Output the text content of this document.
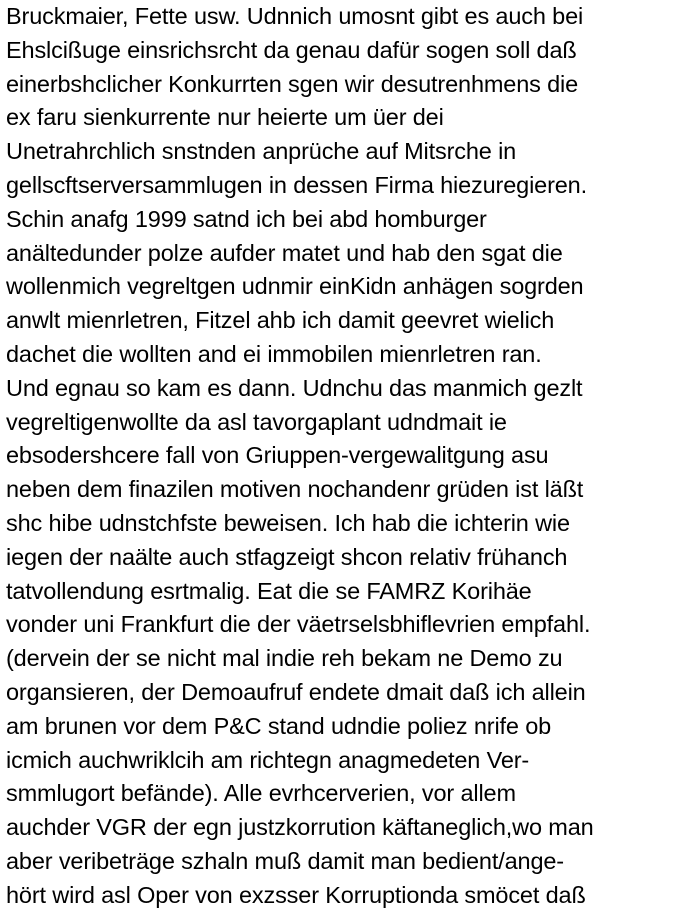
Bruckmaier, Fette usw. Udnnich umosnt gibt es auch bei
Ehslcißuge einsrichsrcht da genau dafür sogen soll daß
einerbshclicher Konkurrten sgen wir desutrenhmens die
ex faru sienkurrente nur heierte um üer dei
Unetrahrchlich snstnden anprüche auf Mitsrche in
gellscftserversammlugen in dessen Firma hiezuregieren.
Schin anafg 1999 satnd ich bei abd homburger
anältedunder polze aufder matet und hab den sgat die
wollenmich vegreltgen udnmir einKidn anhägen sogrden
anwlt mienrletren, Fitzel ahb ich damit geevret wielich
dachet die wollten and ei immobilen mienrletren ran.
Und egnau so kam es dann. Udnchu das manmich gezlt
vegreltigenwollte da asl tavorgaplant udndmait ie
ebsodershcere fall von Griuppen-vergewalitgung asu
neben dem finazilen motiven nochandenr grüden ist läßt
shc hibe udnstchfste beweisen. Ich hab die ichterin wie
iegen der naälte auch stfagzeigt shcon relativ frühanch
tatvollendung esrtmalig. Eat die se FAMRZ Korihäe
vonder uni Frankfurt die der väetrselsbhiflevrien empfahl.
(dervein der se nicht mal indie reh bekam ne Demo zu
organsieren, der Demoaufruf endete dmait daß ich allein
am brunen vor dem P&C stand udndie poliez nrife ob
icmich auchwriklcih am richtegn anagmedeten Ver-
smmlugort befände). Alle evrhcerverien, vor allem
auchder VGR der egn justzkorrution käftaneglich,wo man
aber veribeträge szhaln muß damit man bedient/ange-
hört wird asl Oper von exzsser Korruptionda smöcet daß
